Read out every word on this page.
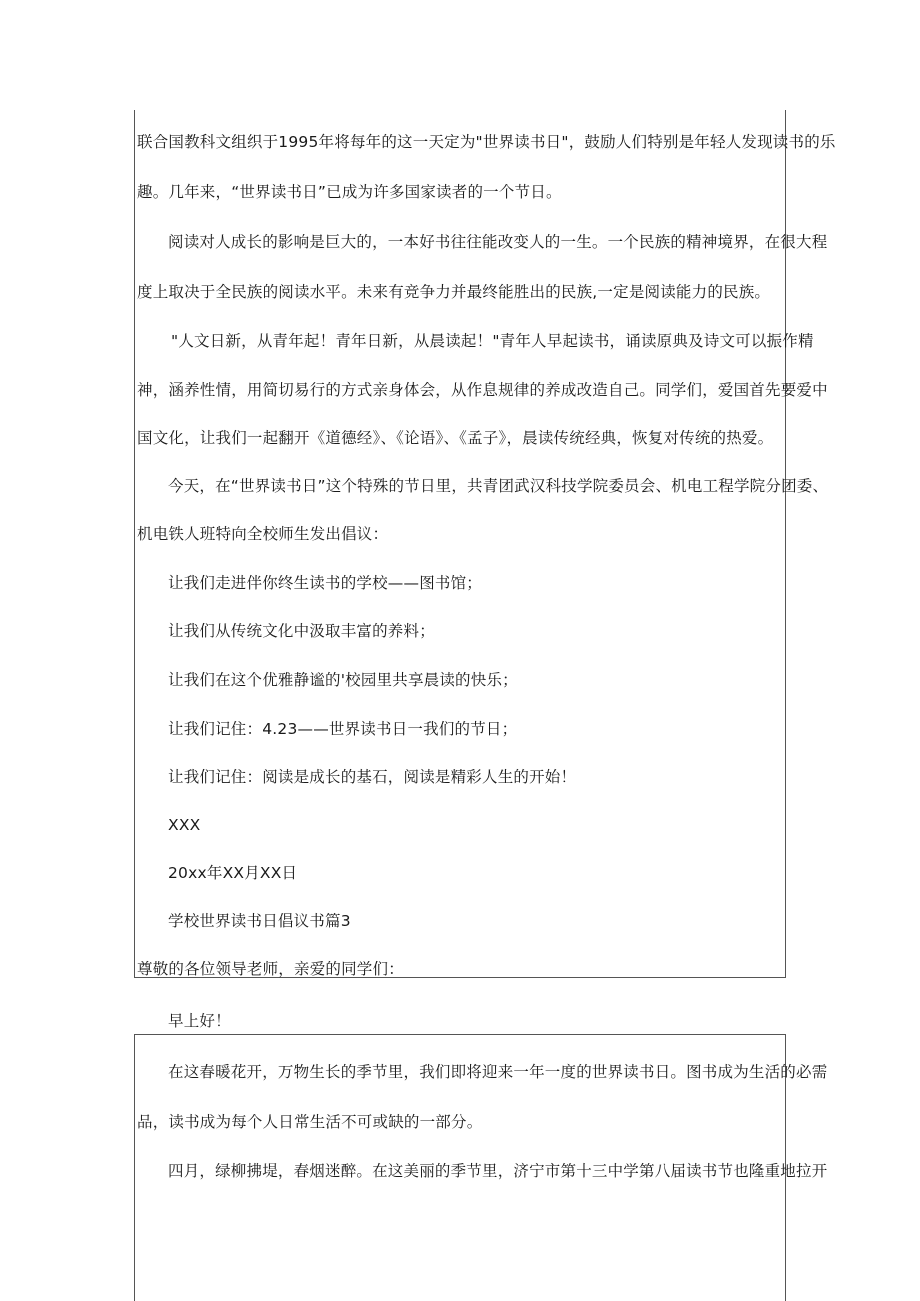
联合国教科文组织于1995年将每年的这一天定为"世界读书日"，鼓励人们特别是年轻人发现读书的乐
趣。几年来，“世界读书日”已成为许多国家读者的一个节日。
阅读对人成长的影响是巨大的，一本好书往往能改变人的一生。一个民族的精神境界，在很大程
度上取决于全民族的阅读水平。未来有竞争力并最终能胜出的民族,一定是阅读能力的民族。
"人文日新，从青年起！青年日新，从晨读起！"青年人早起读书，诵读原典及诗文可以振作精
神，涵养性情，用简切易行的方式亲身体会，从作息规律的养成改造自己。同学们，爱国首先要爱中
国文化，让我们一起翻开《道德经》、《论语》、《孟子》，晨读传统经典，恢复对传统的热爱。
今天，在“世界读书日”这个特殊的节日里，共青团武汉科技学院委员会、机电工程学院分团委、
机电铁人班特向全校师生发出倡议：
让我们走进伴你终生读书的学校——图书馆；
让我们从传统文化中汲取丰富的养料；
让我们在这个优雅静谧的'校园里共享晨读的快乐；
让我们记住：4.23——世界读书日一我们的节日；
让我们记住：阅读是成长的基石，阅读是精彩人生的开始！
XXX
20xx年XX月XX日
学校世界读书日倡议书篇3
尊敬的各位领导老师，亲爱的同学们：
早上好！
在这春暖花开，万物生长的季节里，我们即将迎来一年一度的世界读书日。图书成为生活的必需
品，读书成为每个人日常生活不可或缺的一部分。
四月，绿柳拂堤，春烟迷醉。在这美丽的季节里，济宁市第十三中学第八届读书节也隆重地拉开
